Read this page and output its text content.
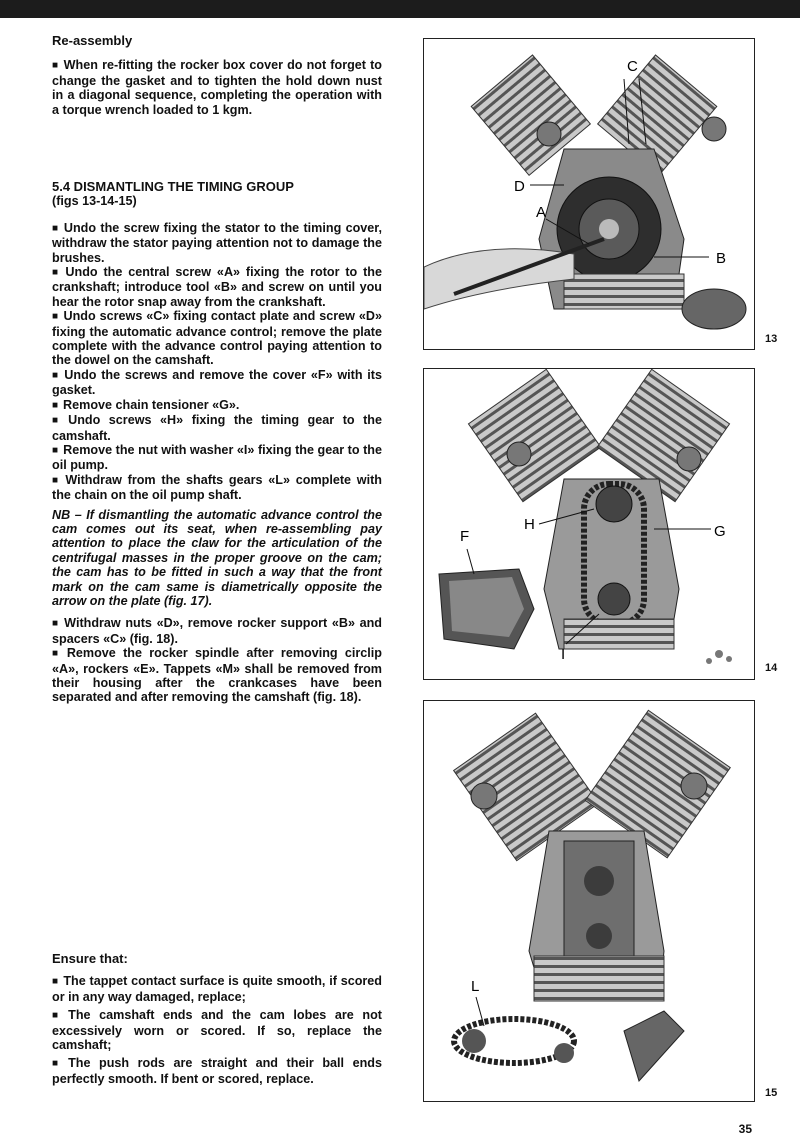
Re-assembly

■ When re-fitting the rocker box cover do not forget to change the gasket and to tighten the hold down nust in a diagonal sequence, completing the operation with a torque wrench loaded to 1 kgm.

5.4 DISMANTLING THE TIMING GROUP
(figs 13-14-15)

■ Undo the screw fixing the stator to the timing cover, withdraw the stator paying attention not to damage the brushes.

■ Undo the central screw «A» fixing the rotor to the crankshaft; introduce tool «B» and screw on until you hear the rotor snap away from the crankshaft.

■ Undo screws «C» fixing contact plate and screw «D» fixing the automatic advance control; remove the plate complete with the advance control paying attention to the dowel on the camshaft.

■ Undo the screws and remove the cover «F» with its gasket.

■ Remove chain tensioner «G».

■ Undo screws «H» fixing the timing gear to the camshaft.

■ Remove the nut with washer «I» fixing the gear to the oil pump.

■ Withdraw from the shafts gears «L» complete with the chain on the oil pump shaft.

NB – If dismantling the automatic advance control the cam comes out its seat, when re-assembling pay attention to place the claw for the articulation of the centrifugal masses in the proper groove on the cam; the cam has to be fitted in such a way that the front mark on the cam same is diametrically opposite the arrow on the plate (fig. 17).

■ Withdraw nuts «D», remove rocker support «B» and spacers «C» (fig. 18).

■ Remove the rocker spindle after removing circlip «A», rockers «E». Tappets «M» shall be removed from their housing after the crankcases have been separated and after removing the camshaft (fig. 18).

Ensure that:

■ The tappet contact surface is quite smooth, if scored or in any way damaged, replace;

■ The camshaft ends and the cam lobes are not excessively worn or scored. If so, replace the camshaft;

■ The push rods are straight and their ball ends perfectly smooth. If bent or scored, replace.

C
D
A
B
13
F
H	G
I
14
L
15
35
